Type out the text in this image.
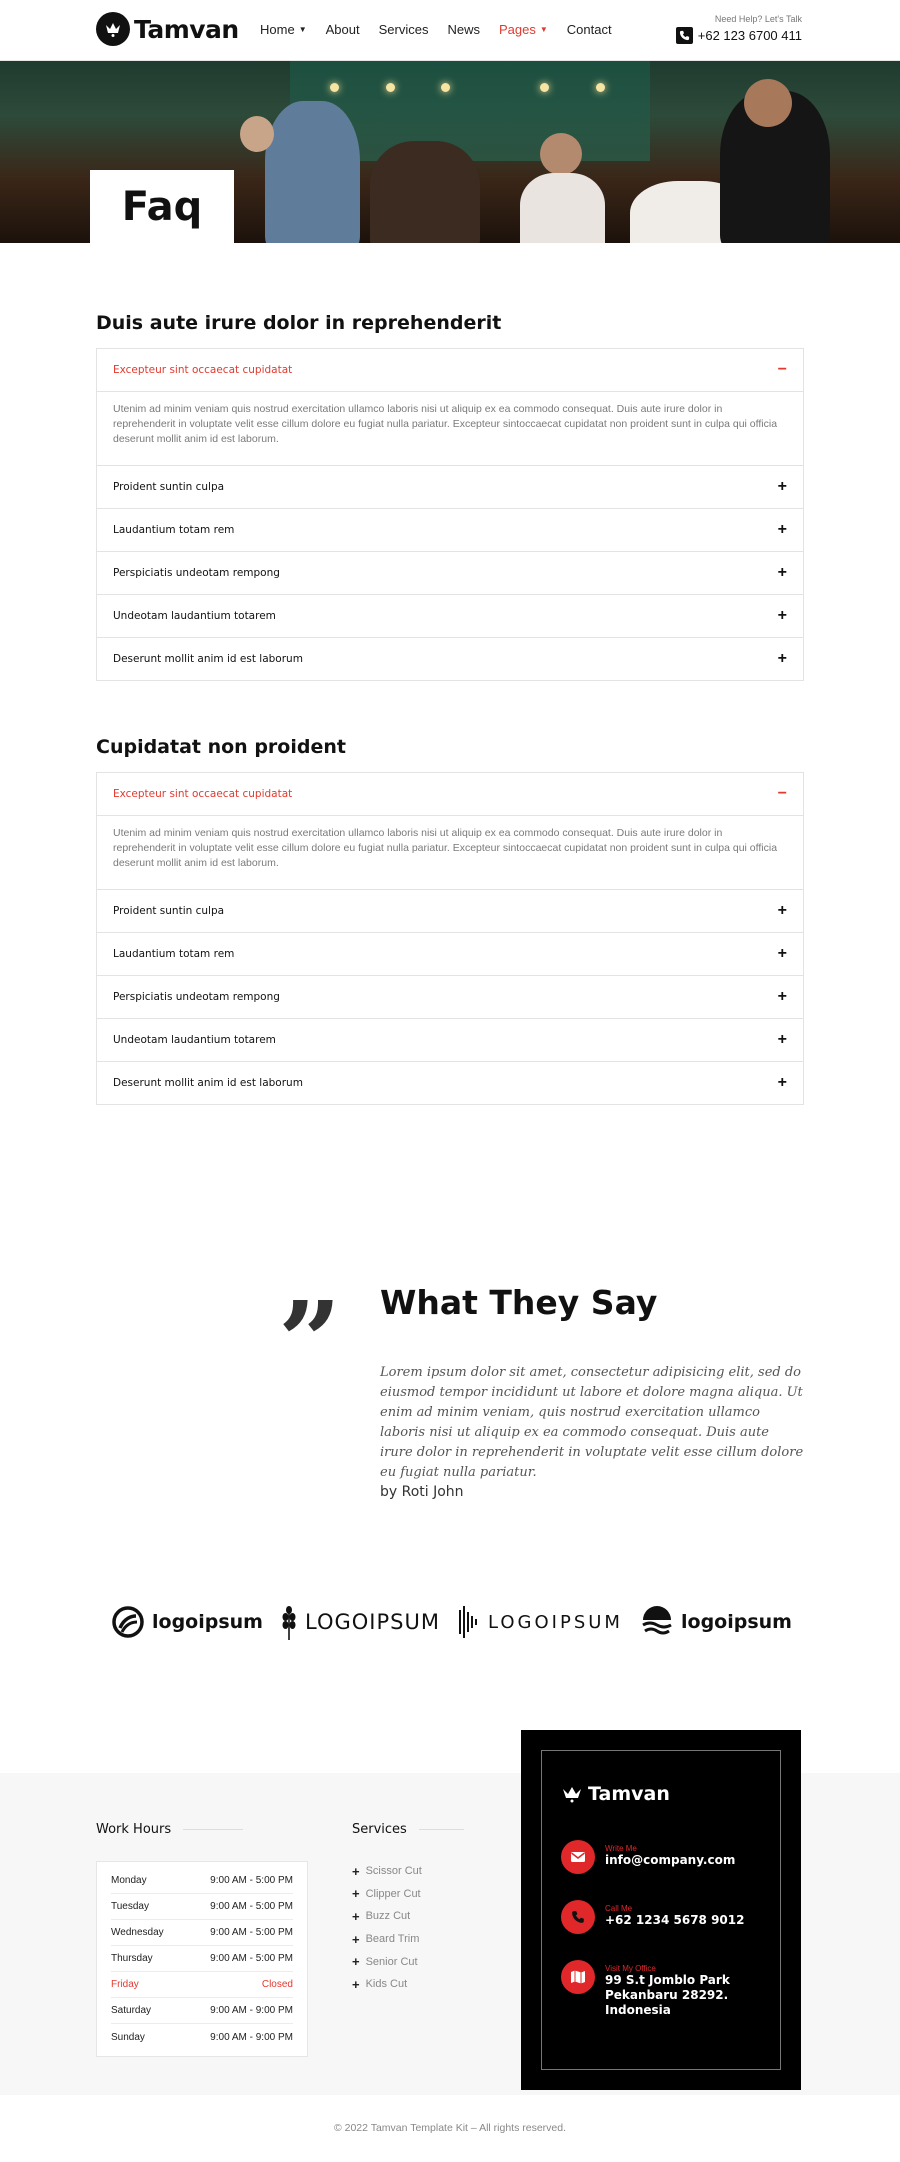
Tamvan Home ▼ About Services News Pages ▼ Contact
Need Help? Let's Talk
+62 123 6700 411
Faq
Duis aute irure dolor in reprehenderit
Excepteur sint occaecat cupidatat	−
Utenim ad minim veniam quis nostrud exercitation ullamco laboris nisi ut aliquip ex ea commodo consequat. Duis aute irure dolor in reprehenderit in voluptate velit esse cillum dolore eu fugiat nulla pariatur. Excepteur sintoccaecat cupidatat non proident sunt in culpa qui officia deserunt mollit anim id est laborum.
Proident suntin culpa	+
Laudantium totam rem	+
Perspiciatis undeotam rempong	+
Undeotam laudantium totarem	+
Deserunt mollit anim id est laborum	+
Cupidatat non proident
Excepteur sint occaecat cupidatat	−
Utenim ad minim veniam quis nostrud exercitation ullamco laboris nisi ut aliquip ex ea commodo consequat. Duis aute irure dolor in reprehenderit in voluptate velit esse cillum dolore eu fugiat nulla pariatur. Excepteur sintoccaecat cupidatat non proident sunt in culpa qui officia deserunt mollit anim id est laborum.
Proident suntin culpa	+
Laudantium totam rem	+
Perspiciatis undeotam rempong	+
Undeotam laudantium totarem	+
Deserunt mollit anim id est laborum	+
” What They Say

Lorem ipsum dolor sit amet, consectetur adipisicing elit, sed do eiusmod tempor incididunt ut labore et dolore magna aliqua. Ut enim ad minim veniam, quis nostrud exercitation ullamco laboris nisi ut aliquip ex ea commodo consequat. Duis aute irure dolor in reprehenderit in voluptate velit esse cillum dolore eu fugiat nulla pariatur.

by Roti John
logoipsum LOGOIPSUM	LOGOIPSUM	logoipsum
Work Hours
Monday	9:00 AM - 5:00 PM
Tuesday	9:00 AM - 5:00 PM
Wednesday	9:00 AM - 5:00 PM
Thursday	9:00 AM - 5:00 PM
Friday	Closed
Saturday	9:00 AM - 9:00 PM
Sunday	9:00 AM - 9:00 PM
Services
+ Scissor Cut
+ Clipper Cut
+ Buzz Cut
+ Beard Trim
+ Senior Cut
+ Kids Cut
Tamvan
Write Me
info@company.com
Call Me
+62 1234 5678 9012
Visit My Office
99 S.t Jomblo Park Pekanbaru 28292. Indonesia
© 2022 Tamvan Template Kit – All rights reserved.
